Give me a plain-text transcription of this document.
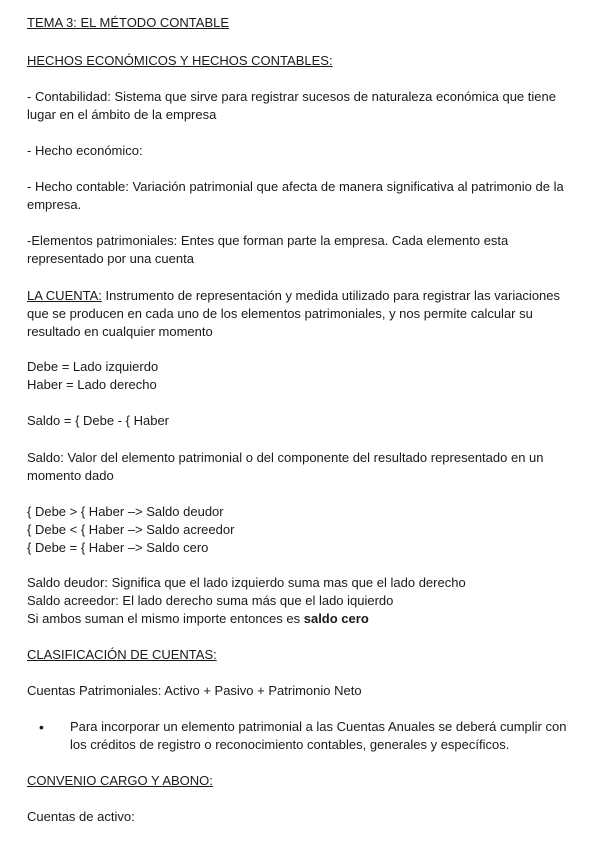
TEMA 3: EL MÉTODO CONTABLE

HECHOS ECONÓMICOS Y HECHOS CONTABLES:

- Contabilidad: Sistema que sirve para registrar sucesos de naturaleza económica que tiene lugar en el ámbito de la empresa

- Hecho económico:

- Hecho contable: Variación patrimonial que afecta de manera significativa al patrimonio de la empresa.

-Elementos patrimoniales: Entes que forman parte la empresa. Cada elemento esta representado por una cuenta

LA CUENTA: Instrumento de representación y medida utilizado para registrar las variaciones que se producen en cada uno de los elementos patrimoniales, y nos permite calcular su resultado en cualquier momento

Debe = Lado izquierdo

Haber = Lado derecho

Saldo = { Debe - { Haber

Saldo: Valor del elemento patrimonial o del componente del resultado representado en un momento dado

{ Debe > { Haber –> Saldo deudor

{ Debe < { Haber –> Saldo acreedor

{ Debe = { Haber –> Saldo cero

Saldo deudor: Significa que el lado izquierdo suma mas que el lado derecho

Saldo acreedor: El lado derecho suma más que el lado iquierdo

Si ambos suman el mismo importe entonces es saldo cero

CLASIFICACIÓN DE CUENTAS:

Cuentas Patrimoniales: Activo + Pasivo + Patrimonio Neto

• Para incorporar un elemento patrimonial a las Cuentas Anuales se deberá cumplir con los créditos de registro o reconocimiento contables, generales y específicos.

CONVENIO CARGO Y ABONO:

Cuentas de activo:
